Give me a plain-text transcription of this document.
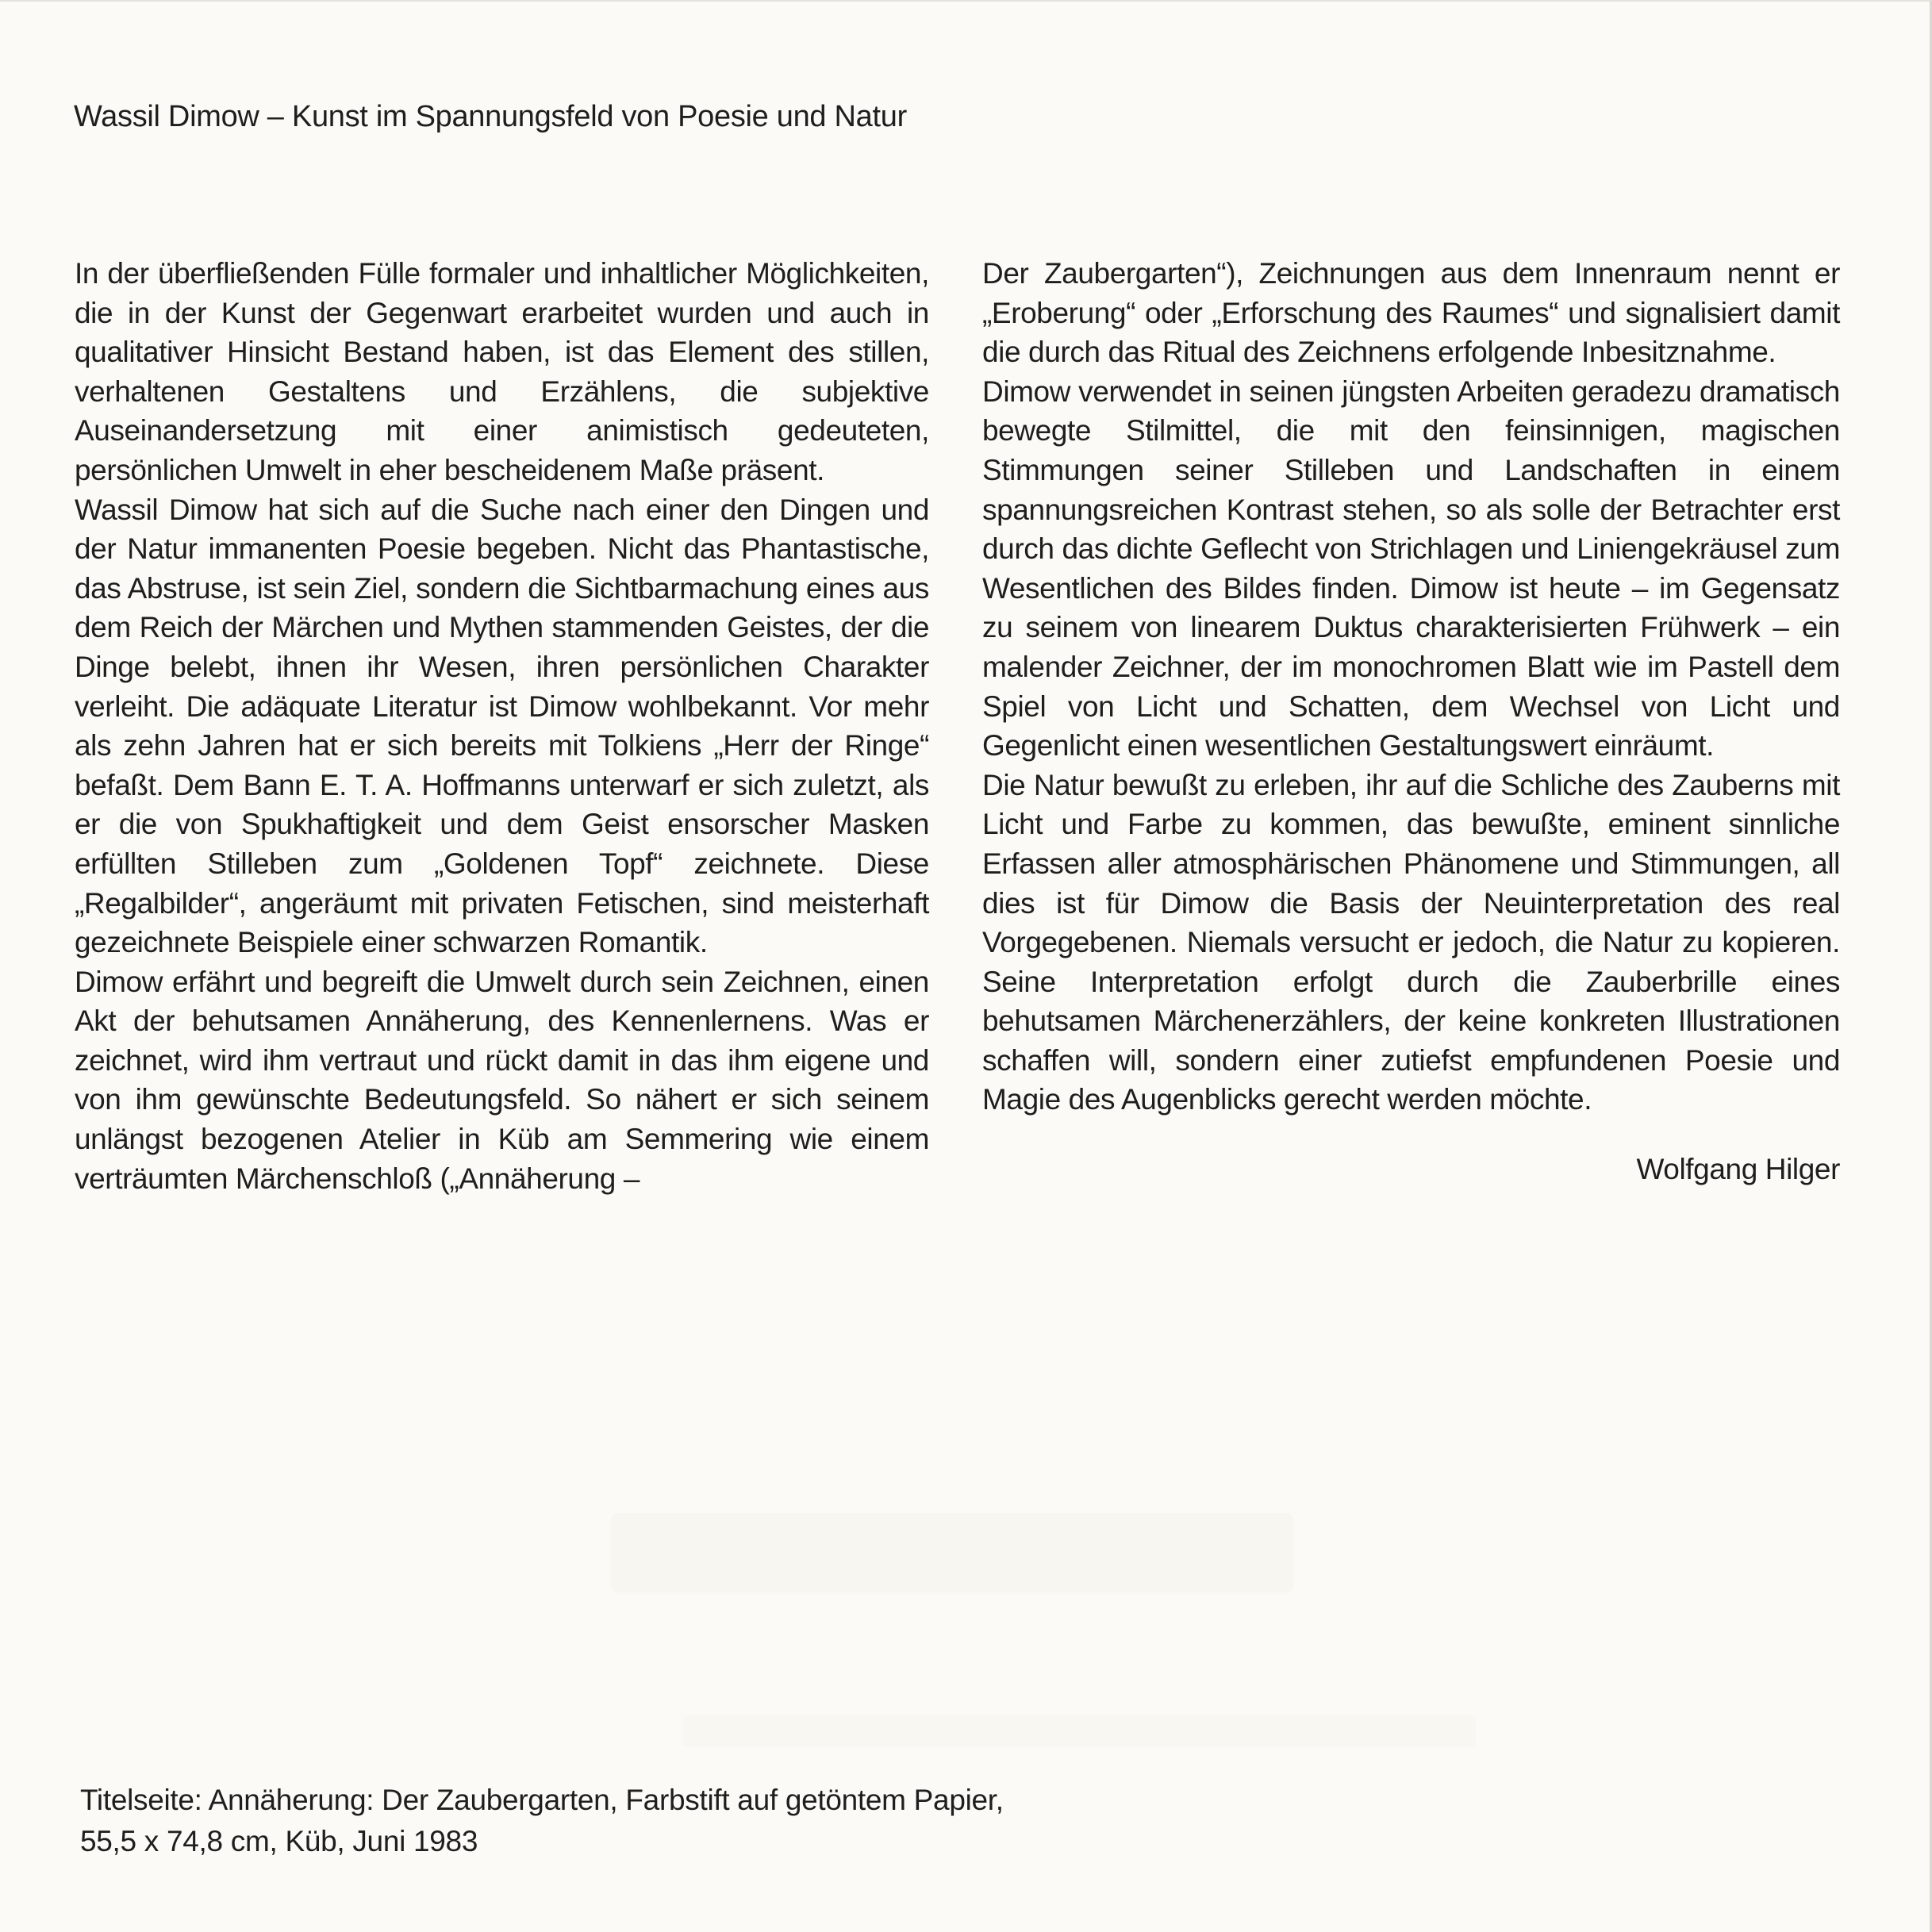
Wassil Dimow – Kunst im Spannungsfeld von Poesie und Natur

In der überfließenden Fülle formaler und inhaltlicher Möglichkeiten, die in der Kunst der Gegenwart erarbeitet wurden und auch in qualitativer Hinsicht Bestand haben, ist das Element des stillen, verhaltenen Gestaltens und Erzählens, die subjektive Auseinandersetzung mit einer animistisch gedeuteten, persönlichen Umwelt in eher bescheidenem Maße präsent.

Wassil Dimow hat sich auf die Suche nach einer den Dingen und der Natur immanenten Poesie begeben. Nicht das Phantastische, das Abstruse, ist sein Ziel, sondern die Sichtbarmachung eines aus dem Reich der Märchen und Mythen stammenden Geistes, der die Dinge belebt, ihnen ihr Wesen, ihren persönlichen Charakter verleiht. Die adäquate Literatur ist Dimow wohlbekannt. Vor mehr als zehn Jahren hat er sich bereits mit Tolkiens „Herr der Ringe“ befaßt. Dem Bann E. T. A. Hoffmanns unterwarf er sich zuletzt, als er die von Spukhaftigkeit und dem Geist ensorscher Masken erfüllten Stilleben zum „Goldenen Topf“ zeichnete. Diese „Regalbilder“, angeräumt mit privaten Fetischen, sind meisterhaft gezeichnete Beispiele einer schwarzen Romantik.

Dimow erfährt und begreift die Umwelt durch sein Zeichnen, einen Akt der behutsamen Annäherung, des Kennenlernens. Was er zeichnet, wird ihm vertraut und rückt damit in das ihm eigene und von ihm gewünschte Bedeutungsfeld. So nähert er sich seinem unlängst bezogenen Atelier in Küb am Semmering wie einem verträumten Märchenschloß („Annäherung –

Der Zaubergarten“), Zeichnungen aus dem Innenraum nennt er „Eroberung“ oder „Erforschung des Raumes“ und signalisiert damit die durch das Ritual des Zeichnens erfolgende Inbesitznahme.

Dimow verwendet in seinen jüngsten Arbeiten geradezu dramatisch bewegte Stilmittel, die mit den feinsinnigen, magischen Stimmungen seiner Stilleben und Landschaften in einem spannungsreichen Kontrast stehen, so als solle der Betrachter erst durch das dichte Geflecht von Strichlagen und Liniengekräusel zum Wesentlichen des Bildes finden. Dimow ist heute – im Gegensatz zu seinem von linearem Duktus charakterisierten Frühwerk – ein malender Zeichner, der im monochromen Blatt wie im Pastell dem Spiel von Licht und Schatten, dem Wechsel von Licht und Gegenlicht einen wesentlichen Gestaltungswert einräumt.

Die Natur bewußt zu erleben, ihr auf die Schliche des Zauberns mit Licht und Farbe zu kommen, das bewußte, eminent sinnliche Erfassen aller atmosphärischen Phänomene und Stimmungen, all dies ist für Dimow die Basis der Neuinterpretation des real Vorgegebenen. Niemals versucht er jedoch, die Natur zu kopieren. Seine Interpretation erfolgt durch die Zauberbrille eines behutsamen Märchenerzählers, der keine konkreten Illustrationen schaffen will, sondern einer zutiefst empfundenen Poesie und Magie des Augenblicks gerecht werden möchte.

Wolfgang Hilger
Titelseite: Annäherung: Der Zaubergarten, Farbstift auf getöntem Papier,
55,5 x 74,8 cm, Küb, Juni 1983
